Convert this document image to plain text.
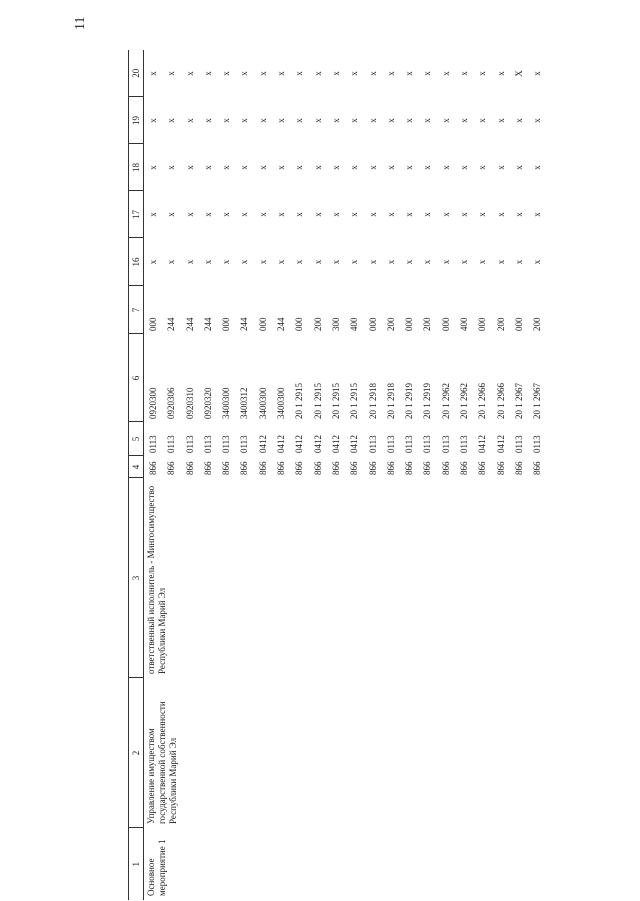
11
1	2	3	4	5	6	7	16	17	18	19	20
Основное мероприятие 1	Управление имуществом государственной собственности Республики Марий Эл	ответственный исполнитель - Мингосимущество Республики Марий Эл	866	0113	0920300	000	x	x	x	x	x
			866	0113	0920306	244	x	x	x	x	x
			866	0113	0920310	244	x	x	x	x	x
			866	0113	0920320	244	x	x	x	x	x
			866	0113	3400300	000	x	x	x	x	x
			866	0113	3400312	244	x	x	x	x	x
			866	0412	3400300	000	x	x	x	x	x
			866	0412	3400300	244	x	x	x	x	x
			866	0412	20 1 2915	000	x	x	x	x	x
			866	0412	20 1 2915	200	x	x	x	x	x
			866	0412	20 1 2915	300	x	x	x	x	x
			866	0412	20 1 2915	400	x	x	x	x	x
			866	0113	20 1 2918	000	x	x	x	x	x
			866	0113	20 1 2918	200	x	x	x	x	x
			866	0113	20 1 2919	000	x	x	x	x	x
			866	0113	20 1 2919	200	x	x	x	x	x
			866	0113	20 1 2962	000	x	x	x	x	x
			866	0113	20 1 2962	400	x	x	x	x	x
			866	0412	20 1 2966	000	x	x	x	x	x
			866	0412	20 1 2966	200	x	x	x	x	x
			866	0113	20 1 2967	000	x	x	x	x	X
			866	0113	20 1 2967	200	x	x	x	x	x
